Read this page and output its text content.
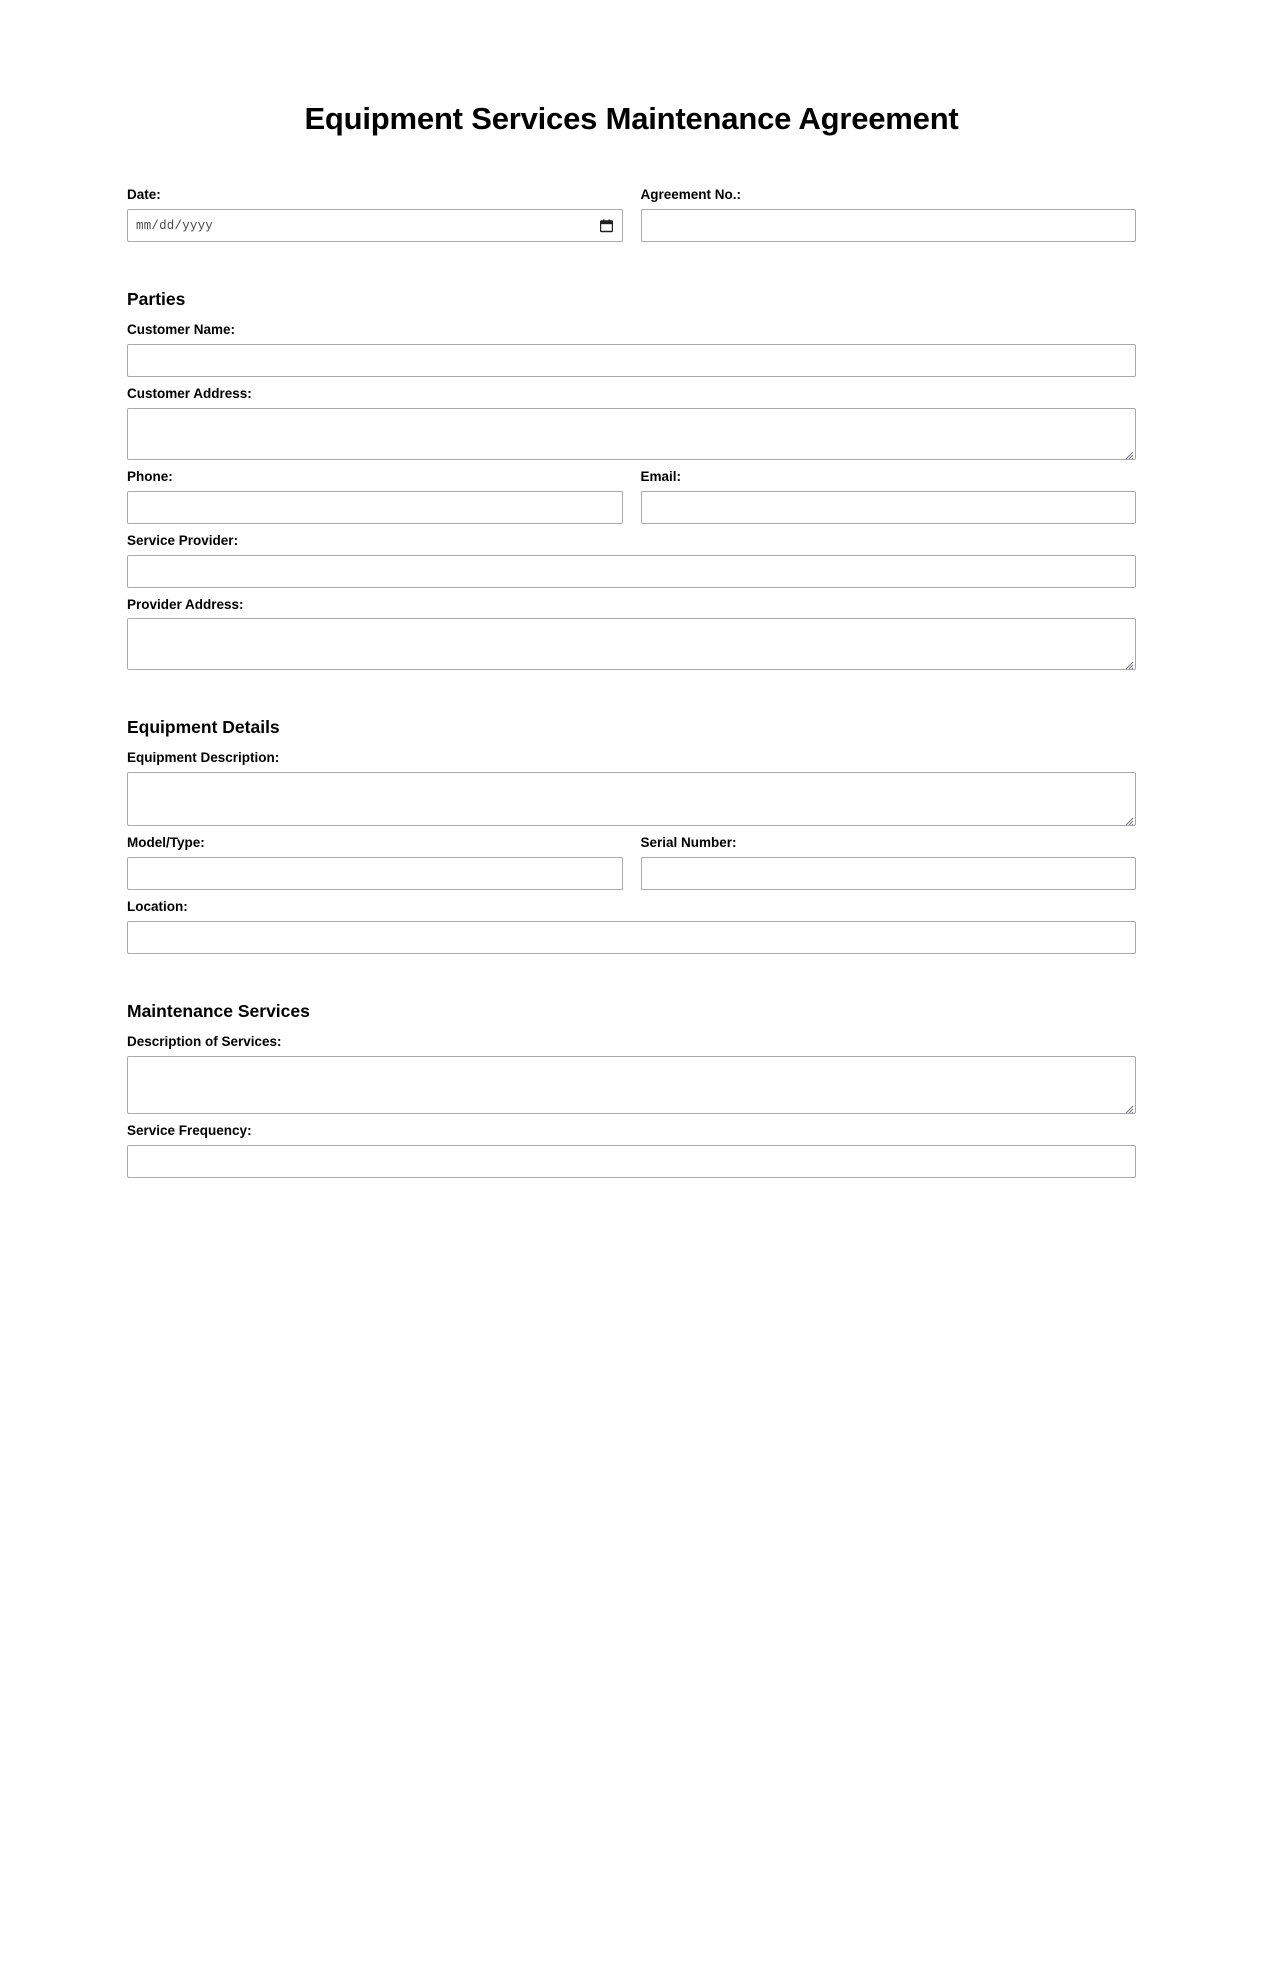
Equipment Services Maintenance Agreement
Date:
mm/dd/yyyy
Agreement No.:
Parties
Customer Name:
Customer Address:
Phone:	Email:
Service Provider:
Provider Address:
Equipment Details
Equipment Description:
Model/Type:	Serial Number:
Location:
Maintenance Services
Description of Services:
Service Frequency:
